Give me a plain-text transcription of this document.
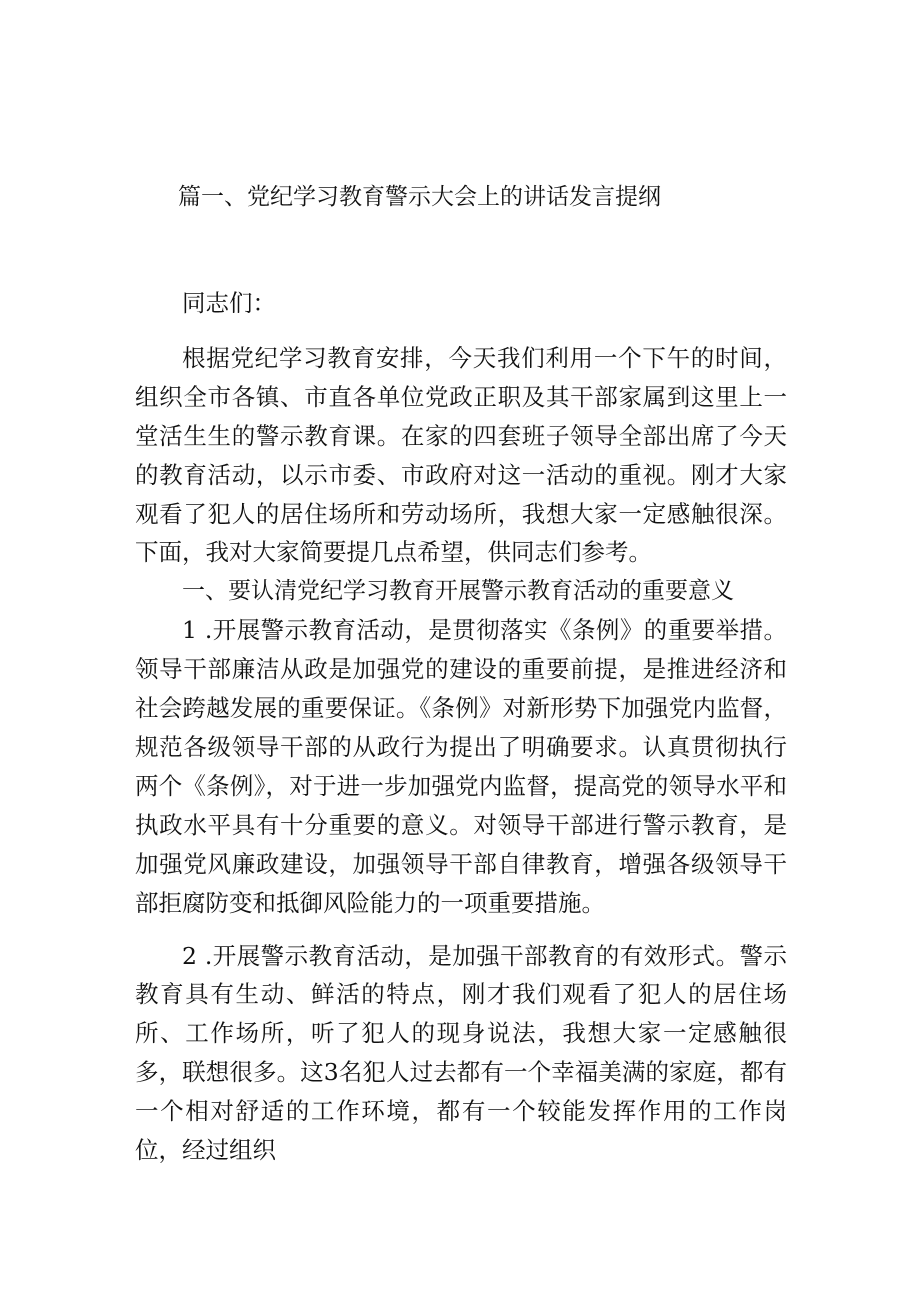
篇一、党纪学习教育警示大会上的讲话发言提纲

同志们：

根据党纪学习教育安排，今天我们利用一个下午的时间，组织全市各镇、市直各单位党政正职及其干部家属到这里上一堂活生生的警示教育课。在家的四套班子领导全部出席了今天的教育活动，以示市委、市政府对这一活动的重视。刚才大家观看了犯人的居住场所和劳动场所，我想大家一定感触很深。下面，我对大家简要提几点希望，供同志们参考。

一、要认清党纪学习教育开展警示教育活动的重要意义

1 .开展警示教育活动，是贯彻落实《条例》的重要举措。领导干部廉洁从政是加强党的建设的重要前提，是推进经济和社会跨越发展的重要保证。《条例》对新形势下加强党内监督，规范各级领导干部的从政行为提出了明确要求。认真贯彻执行两个《条例》，对于进一步加强党内监督，提高党的领导水平和执政水平具有十分重要的意义。对领导干部进行警示教育，是加强党风廉政建设，加强领导干部自律教育，增强各级领导干部拒腐防变和抵御风险能力的一项重要措施。

2 .开展警示教育活动，是加强干部教育的有效形式。警示教育具有生动、鲜活的特点，刚才我们观看了犯人的居住场所、工作场所，听了犯人的现身说法，我想大家一定感触很多，联想很多。这3名犯人过去都有一个幸福美满的家庭，都有一个相对舒适的工作环境，都有一个较能发挥作用的工作岗位，经过组织
